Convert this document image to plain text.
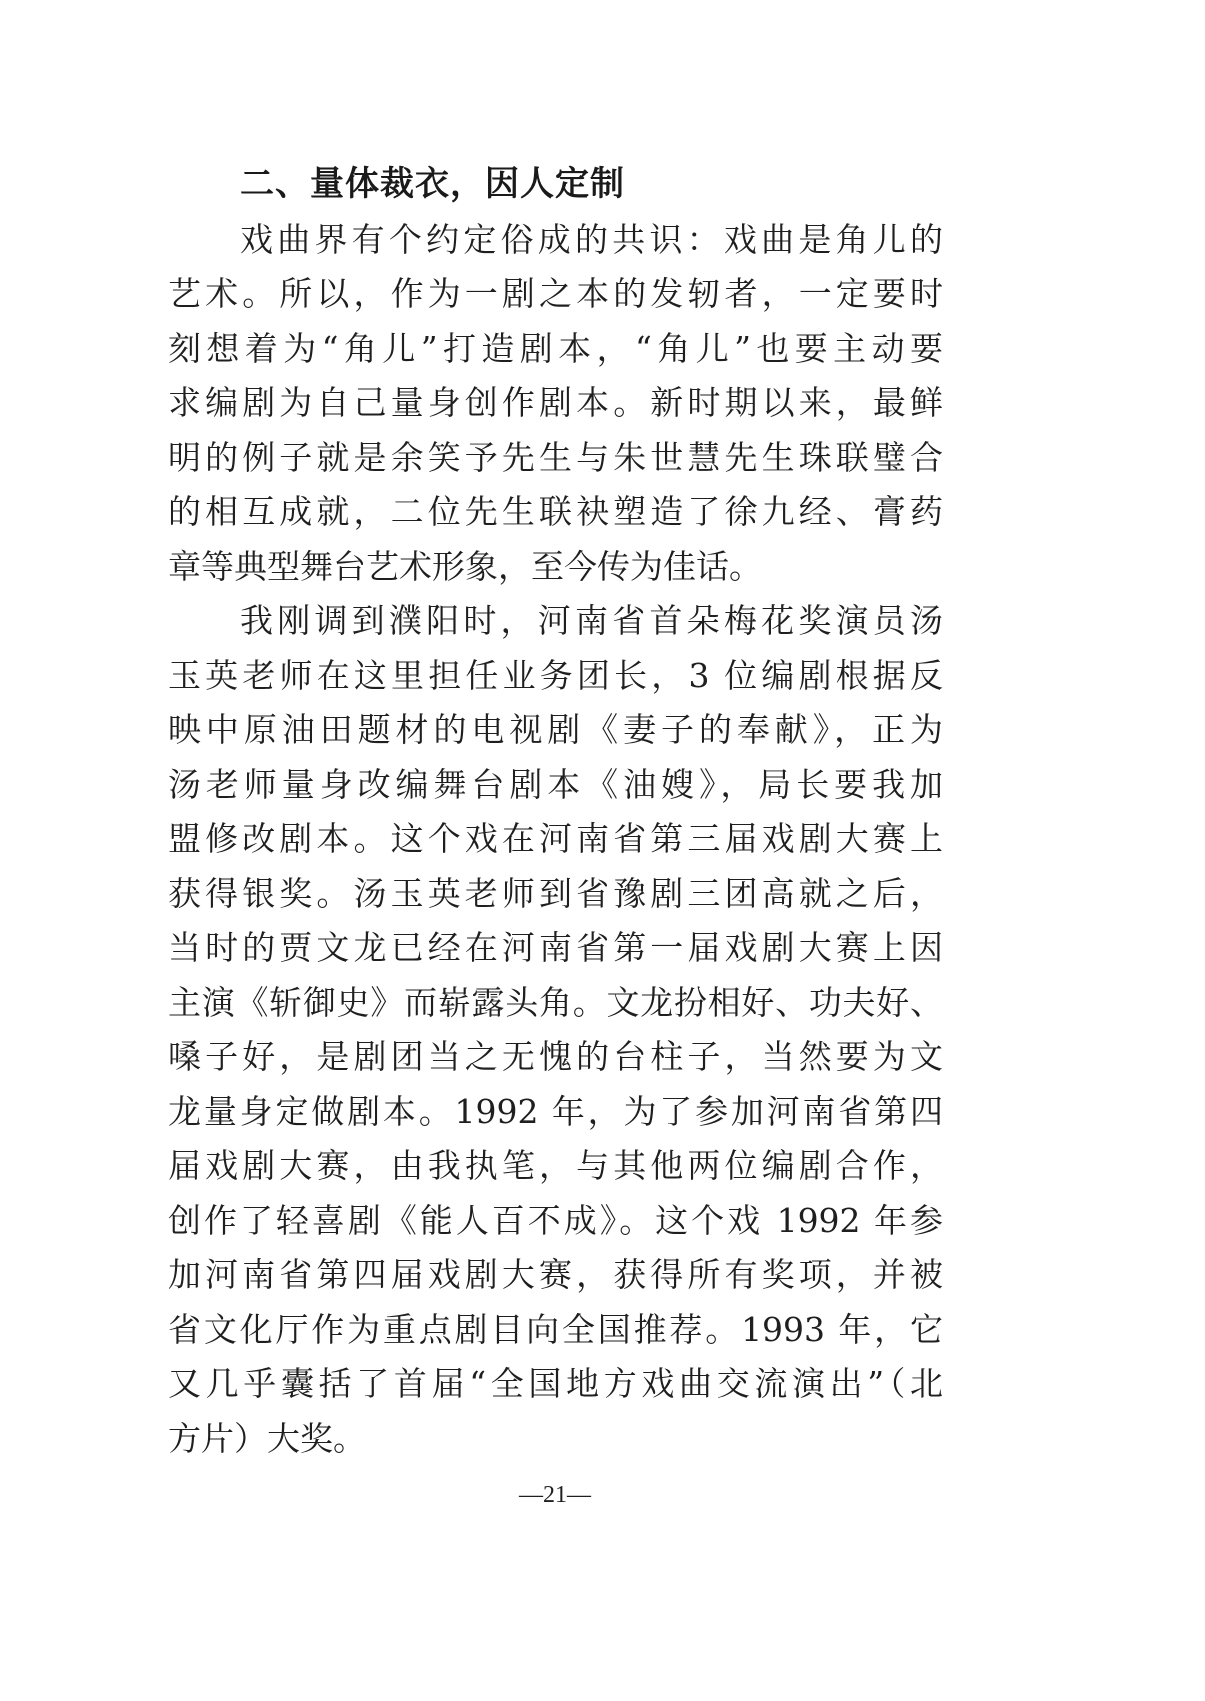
二、量体裁衣，因人定制
戏曲界有个约定俗成的共识：戏曲是角儿的
艺术。所以，作为一剧之本的发轫者，一定要时
刻想着为“角儿”打造剧本，“角儿”也要主动要
求编剧为自己量身创作剧本。新时期以来，最鲜
明的例子就是余笑予先生与朱世慧先生珠联璧合
的相互成就，二位先生联袂塑造了徐九经、膏药
章等典型舞台艺术形象，至今传为佳话。
我刚调到濮阳时，河南省首朵梅花奖演员汤
玉英老师在这里担任业务团长，3 位编剧根据反
映中原油田题材的电视剧《妻子的奉献》，正为
汤老师量身改编舞台剧本《油嫂》，局长要我加
盟修改剧本。这个戏在河南省第三届戏剧大赛上
获得银奖。汤玉英老师到省豫剧三团高就之后，
当时的贾文龙已经在河南省第一届戏剧大赛上因
主演《斩御史》而崭露头角。文龙扮相好、功夫好、
嗓子好，是剧团当之无愧的台柱子，当然要为文
龙量身定做剧本。1992 年，为了参加河南省第四
届戏剧大赛，由我执笔，与其他两位编剧合作，
创作了轻喜剧《能人百不成》。这个戏 1992 年参
加河南省第四届戏剧大赛，获得所有奖项，并被
省文化厅作为重点剧目向全国推荐。1993 年，它
又几乎囊括了首届“全国地方戏曲交流演出”（北
方片）大奖。
—21—
